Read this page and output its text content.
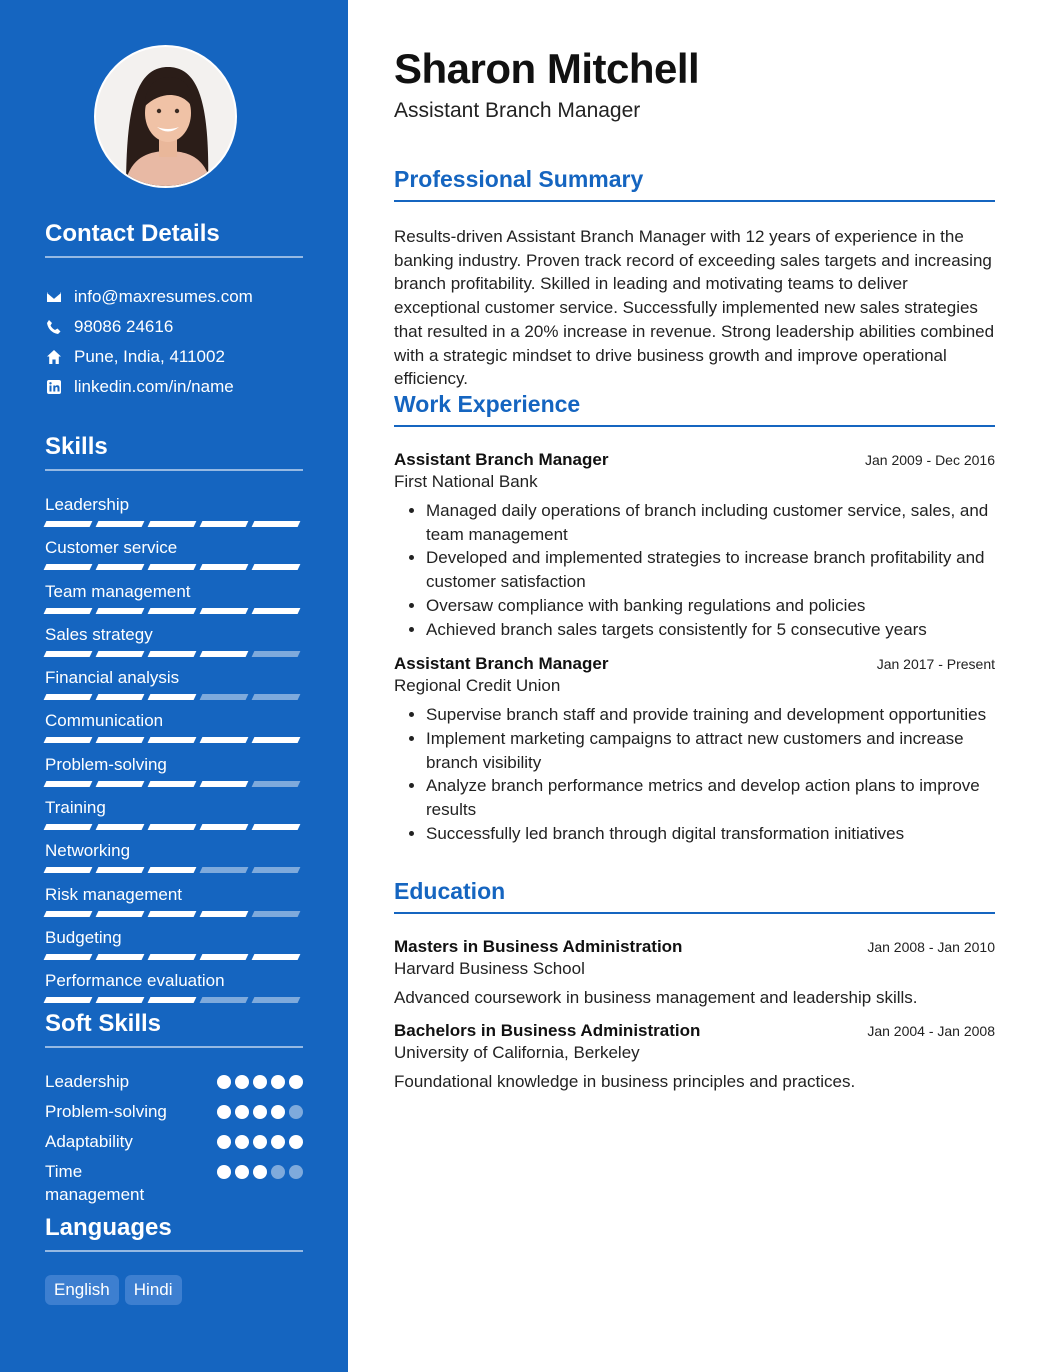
Contact Details
info@maxresumes.com
98086 24616
Pune, India, 411002
linkedin.com/in/name
Skills
Leadership
Customer service
Team management
Sales strategy
Financial analysis
Communication
Problem-solving
Training
Networking
Risk management
Budgeting
Performance evaluation
Soft Skills
Leadership
Problem-solving
Adaptability
Time management
Languages
English	Hindi
Sharon Mitchell
Assistant Branch Manager
Professional Summary

Results-driven Assistant Branch Manager with 12 years of experience in the banking industry. Proven track record of exceeding sales targets and increasing branch profitability. Skilled in leading and motivating teams to deliver exceptional customer service. Successfully implemented new sales strategies that resulted in a 20% increase in revenue. Strong leadership abilities combined with a strategic mindset to drive business growth and improve operational efficiency.

Work Experience
Assistant Branch Manager	Jan 2009 - Dec 2016
First National Bank
• Managed daily operations of branch including customer service, sales, and team management
• Developed and implemented strategies to increase branch profitability and customer satisfaction
• Oversaw compliance with banking regulations and policies
• Achieved branch sales targets consistently for 5 consecutive years
Assistant Branch Manager	Jan 2017 - Present
Regional Credit Union
• Supervise branch staff and provide training and development opportunities
• Implement marketing campaigns to attract new customers and increase branch visibility
• Analyze branch performance metrics and develop action plans to improve results
• Successfully led branch through digital transformation initiatives
Education
Masters in Business Administration	Jan 2008 - Jan 2010
Harvard Business School
Advanced coursework in business management and leadership skills.
Bachelors in Business Administration	Jan 2004 - Jan 2008
University of California, Berkeley
Foundational knowledge in business principles and practices.
